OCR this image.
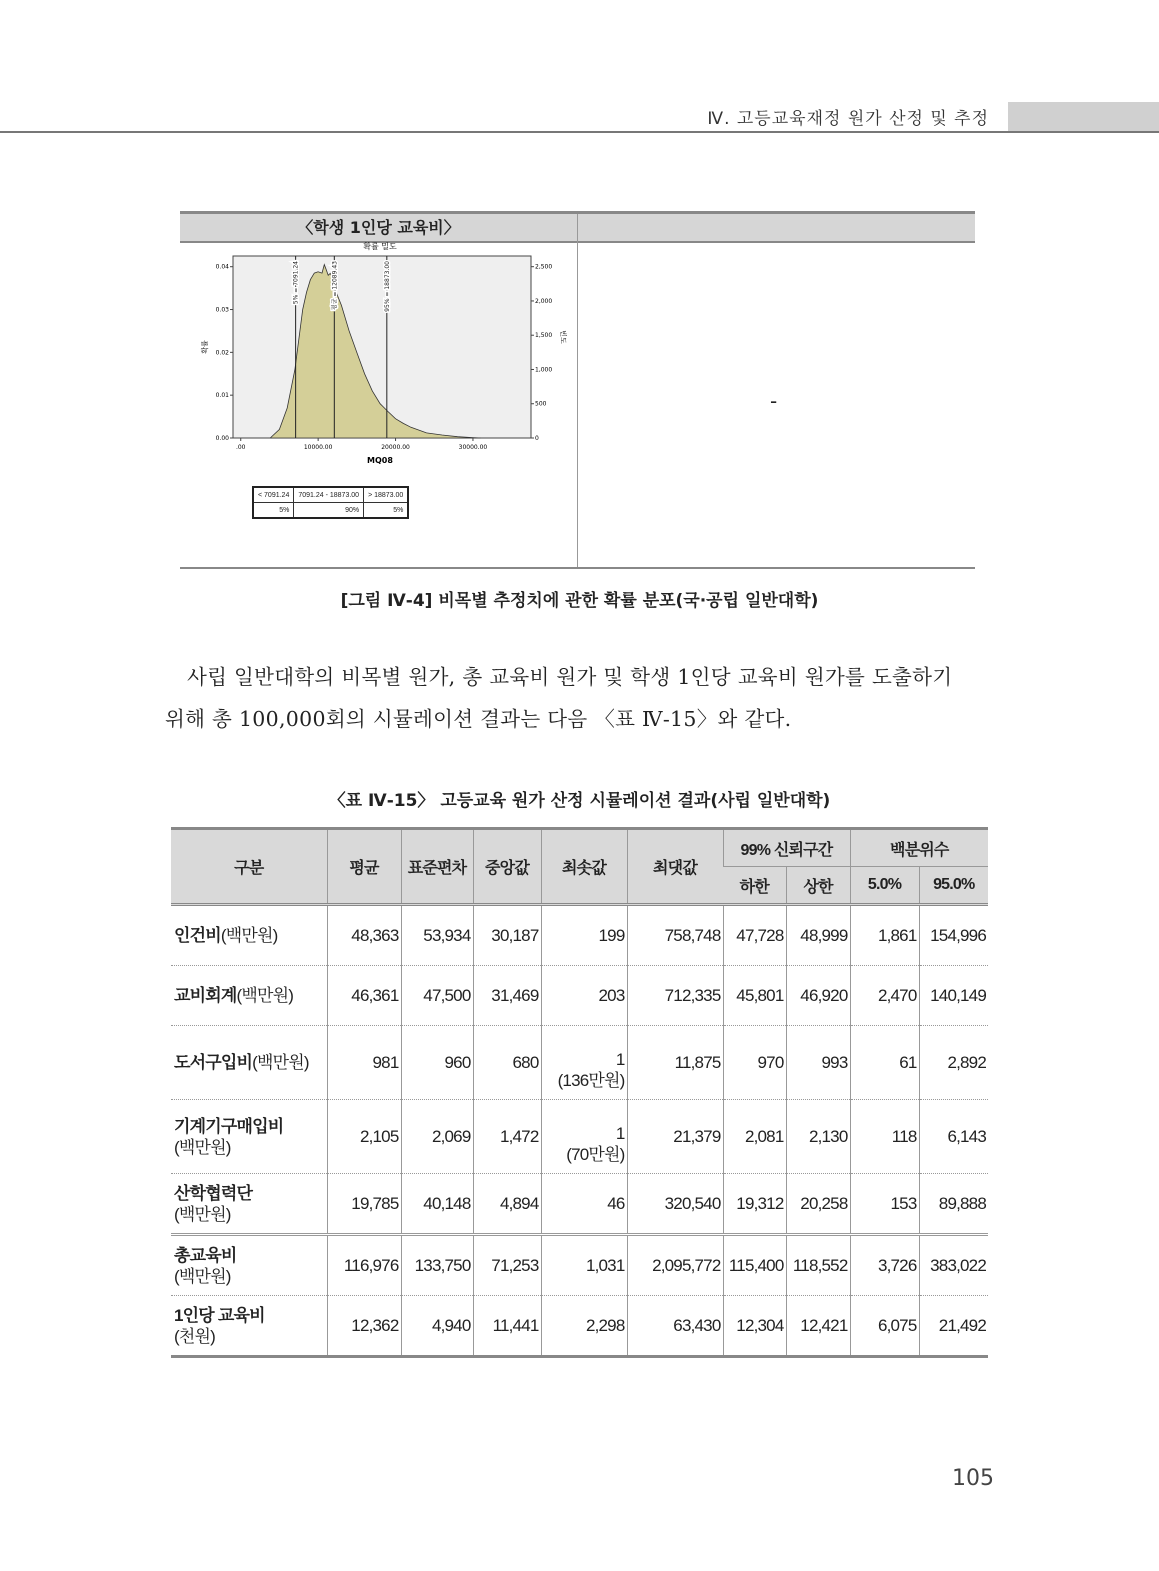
Ⅳ. 고등교육재정 원가 산정 및 추정
〈학생 1인당 교육비〉
-
확률 밀도
5% = 7091.24	평균 = 12089.43	95% = 18873.00
.00	10000.00	20000.00	30000.00
0.00
0.01
0.02
0.03
0.04
0
500
1,000
1,500
2,000
2,500
MQ08
확률
빈도
< 7091.24	7091.24 - 18873.00	> 18873.00
5%	90%	5%
[그림 Ⅳ-4] 비목별 추정치에 관한 확률 분포(국·공립 일반대학)
사립 일반대학의 비목별 원가, 총 교육비 원가 및 학생 1인당 교육비 원가를 도출하기
위해 총 100,000회의 시뮬레이션 결과는 다음 〈표 Ⅳ-15〉와 같다.
〈표 Ⅳ-15〉 고등교육 원가 산정 시뮬레이션 결과(사립 일반대학)
구분	평균	표준편차	중앙값	최솟값	최댓값	99% 신뢰구간		백분위수	
						하한	상한	5.0%	95.0%
인건비(백만원)	48,363	53,934	30,187	199	758,748	47,728	48,999	1,861	154,996
교비회계(백만원)	46,361	47,500	31,469	203	712,335	45,801	46,920	2,470	140,149
도서구입비(백만원)	981	960	680	1
(136만원)	11,875	970	993	61	2,892
기계기구매입비
(백만원)	2,105	2,069	1,472	1
(70만원)	21,379	2,081	2,130	118	6,143
산학협력단
(백만원)	19,785	40,148	4,894	46	320,540	19,312	20,258	153	89,888
총교육비
(백만원)	116,976	133,750	71,253	1,031	2,095,772	115,400	118,552	3,726	383,022
1인당 교육비
(천원)	12,362	4,940	11,441	2,298	63,430	12,304	12,421	6,075	21,492
105
